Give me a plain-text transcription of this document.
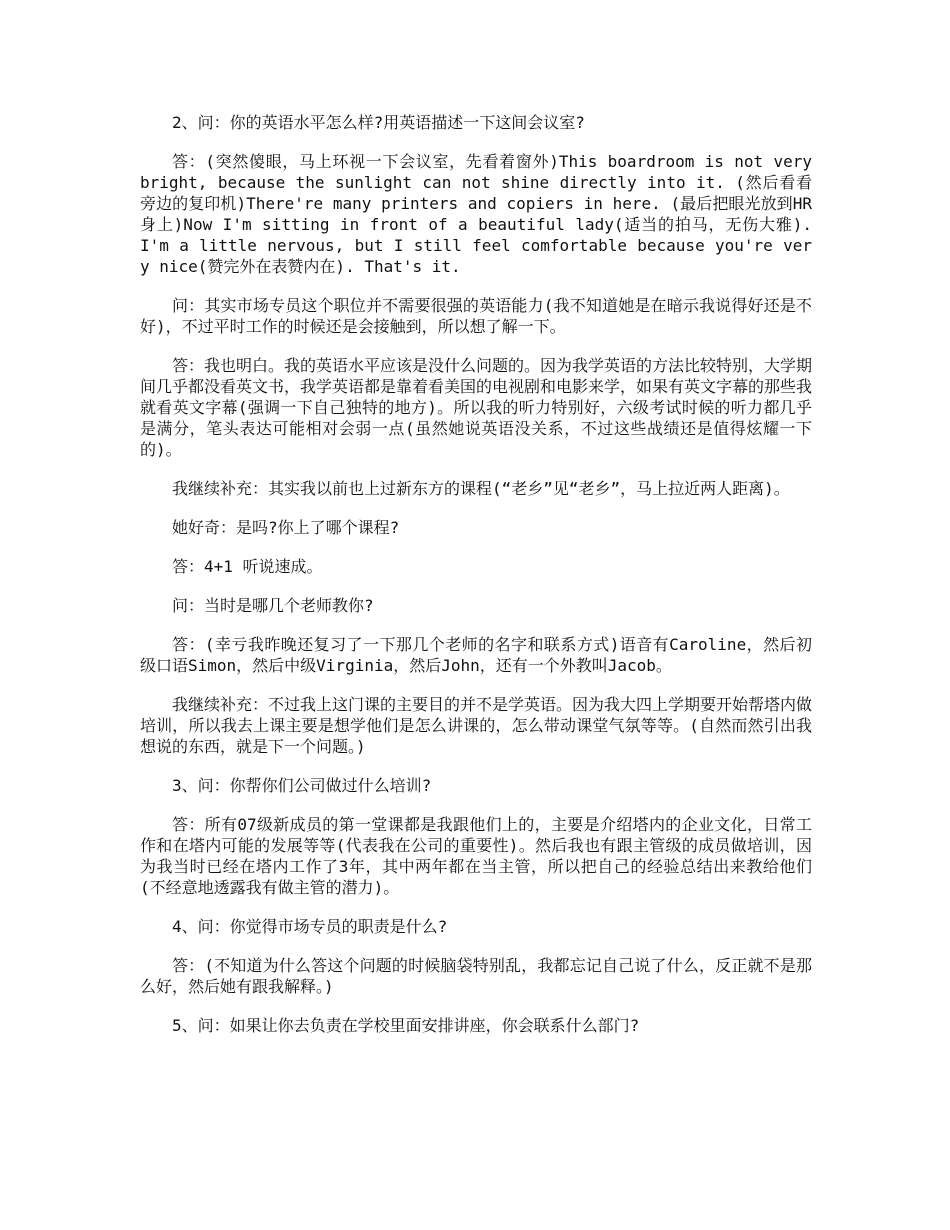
2、问：你的英语水平怎么样?用英语描述一下这间会议室?

答：(突然傻眼，马上环视一下会议室，先看着窗外)This boardroom is not very bright, because the sunlight can not shine directly into it. (然后看看旁边的复印机)There're many printers and copiers in here. (最后把眼光放到HR身上)Now I'm sitting in front of a beautiful lady(适当的拍马，无伤大雅). I'm a little nervous, but I still feel comfortable because you're very nice(赞完外在表赞内在). That's it.

问：其实市场专员这个职位并不需要很强的英语能力(我不知道她是在暗示我说得好还是不好)，不过平时工作的时候还是会接触到，所以想了解一下。

答：我也明白。我的英语水平应该是没什么问题的。因为我学英语的方法比较特别，大学期间几乎都没看英文书，我学英语都是靠着看美国的电视剧和电影来学，如果有英文字幕的那些我就看英文字幕(强调一下自己独特的地方)。所以我的听力特别好，六级考试时候的听力都几乎是满分，笔头表达可能相对会弱一点(虽然她说英语没关系，不过这些战绩还是值得炫耀一下的)。

我继续补充：其实我以前也上过新东方的课程(“老乡”见“老乡”，马上拉近两人距离)。

她好奇：是吗?你上了哪个课程?

答：4+1 听说速成。

问：当时是哪几个老师教你?

答：(幸亏我昨晚还复习了一下那几个老师的名字和联系方式)语音有Caroline，然后初级口语Simon，然后中级Virginia，然后John，还有一个外教叫Jacob。

我继续补充：不过我上这门课的主要目的并不是学英语。因为我大四上学期要开始帮塔内做培训，所以我去上课主要是想学他们是怎么讲课的，怎么带动课堂气氛等等。(自然而然引出我想说的东西，就是下一个问题。)

3、问：你帮你们公司做过什么培训?

答：所有07级新成员的第一堂课都是我跟他们上的，主要是介绍塔内的企业文化，日常工作和在塔内可能的发展等等(代表我在公司的重要性)。然后我也有跟主管级的成员做培训，因为我当时已经在塔内工作了3年，其中两年都在当主管，所以把自己的经验总结出来教给他们(不经意地透露我有做主管的潜力)。

4、问：你觉得市场专员的职责是什么?

答：(不知道为什么答这个问题的时候脑袋特别乱，我都忘记自己说了什么，反正就不是那么好，然后她有跟我解释。)

5、问：如果让你去负责在学校里面安排讲座，你会联系什么部门?
